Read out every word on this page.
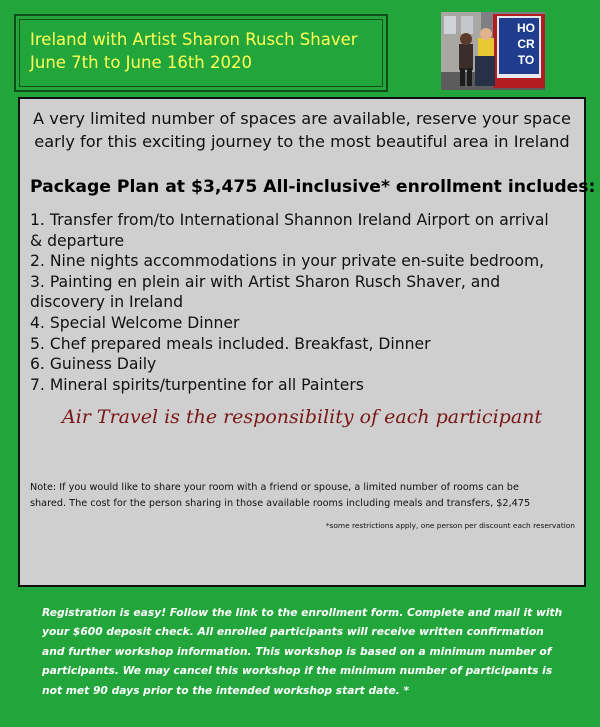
Ireland with Artist Sharon Rusch Shaver
June 7th to June 16th 2020
HO
CR
TO
A very limited number of spaces are available, reserve your space
early for this exciting journey to the most beautiful area in Ireland
Package Plan at $3,475 All-inclusive* enrollment includes:
1. Transfer from/to International Shannon Ireland Airport on arrival
& departure
2. Nine nights accommodations in your private en-suite bedroom,
3. Painting en plein air with Artist Sharon Rusch Shaver, and
discovery in Ireland
4. Special Welcome Dinner
5. Chef prepared meals included. Breakfast, Dinner
6. Guiness Daily
7. Mineral spirits/turpentine for all Painters
Air Travel is the responsibility of each participant
Note: If you would like to share your room with a friend or spouse, a limited number of rooms can be
shared. The cost for the person sharing in those available rooms including meals and transfers, $2,475
*some restrictions apply, one person per discount each reservation
Registration is easy! Follow the link to the enrollment form. Complete and mail it with
your $600 deposit check. All enrolled participants will receive written confirmation
and further workshop information. This workshop is based on a minimum number of
participants. We may cancel this workshop if the minimum number of participants is
not met 90 days prior to the intended workshop start date. *
